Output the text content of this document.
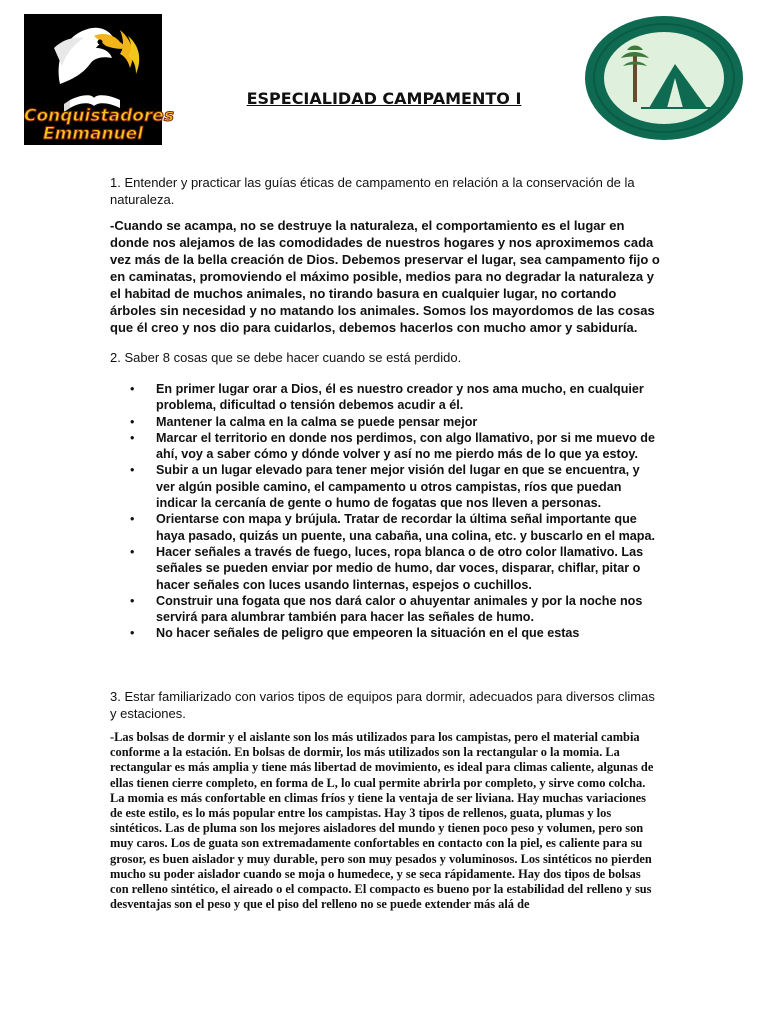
Conquistadores
Emmanuel
ESPECIALIDAD CAMPAMENTO I

1. Entender y practicar las guías éticas de campamento en relación a la conservación de la naturaleza.

-Cuando se acampa, no se destruye la naturaleza, el comportamiento es el lugar en donde nos alejamos de las comodidades de nuestros hogares y nos aproximemos cada vez más de la bella creación de Dios. Debemos preservar el lugar, sea campamento fijo o en caminatas, promoviendo el máximo posible, medios para no degradar la naturaleza y el habitad de muchos animales, no tirando basura en cualquier lugar, no cortando árboles sin necesidad y no matando los animales. Somos los mayordomos de las cosas que él creo y nos dio para cuidarlos, debemos hacerlos con mucho amor y sabiduría.

2. Saber 8 cosas que se debe hacer cuando se está perdido.

• En primer lugar orar a Dios, él es nuestro creador y nos ama mucho, en cualquier problema, dificultad o tensión debemos acudir a él.
• Mantener la calma en la calma se puede pensar mejor
• Marcar el territorio en donde nos perdimos, con algo llamativo, por si me muevo de ahí, voy a saber cómo y dónde volver y así no me pierdo más de lo que ya estoy.
• Subir a un lugar elevado para tener mejor visión del lugar en que se encuentra, y ver algún posible camino, el campamento u otros campistas, ríos que puedan indicar la cercanía de gente o humo de fogatas que nos lleven a personas.
• Orientarse con mapa y brújula. Tratar de recordar la última señal importante que haya pasado, quizás un puente, una cabaña, una colina, etc. y buscarlo en el mapa.
• Hacer señales a través de fuego, luces, ropa blanca o de otro color llamativo. Las señales se pueden enviar por medio de humo, dar voces, disparar, chiflar, pitar o hacer señales con luces usando linternas, espejos o cuchillos.
• Construir una fogata que nos dará calor o ahuyentar animales y por la noche nos servirá para alumbrar también para hacer las señales de humo.
• No hacer señales de peligro que empeoren la situación en el que estas

3. Estar familiarizado con varios tipos de equipos para dormir, adecuados para diversos climas y estaciones.

-Las bolsas de dormir y el aislante son los más utilizados para los campistas, pero el material cambia conforme a la estación. En bolsas de dormir, los más utilizados son la rectangular o la momia. La rectangular es más amplia y tiene más libertad de movimiento, es ideal para climas caliente, algunas de ellas tienen cierre completo, en forma de L, lo cual permite abrirla por completo, y sirve como colcha. La momia es más confortable en climas fríos y tiene la ventaja de ser liviana. Hay muchas variaciones de este estilo, es lo más popular entre los campistas. Hay 3 tipos de rellenos, guata, plumas y los sintéticos. Las de pluma son los mejores aisladores del mundo y tienen poco peso y volumen, pero son muy caros. Los de guata son extremadamente confortables en contacto con la piel, es caliente para su grosor, es buen aislador y muy durable, pero son muy pesados y voluminosos. Los sintéticos no pierden mucho su poder aislador cuando se moja o humedece, y se seca rápidamente. Hay dos tipos de bolsas con relleno sintético, el aireado o el compacto. El compacto es bueno por la estabilidad del relleno y sus desventajas son el peso y que el piso del relleno no se puede extender más alá de
